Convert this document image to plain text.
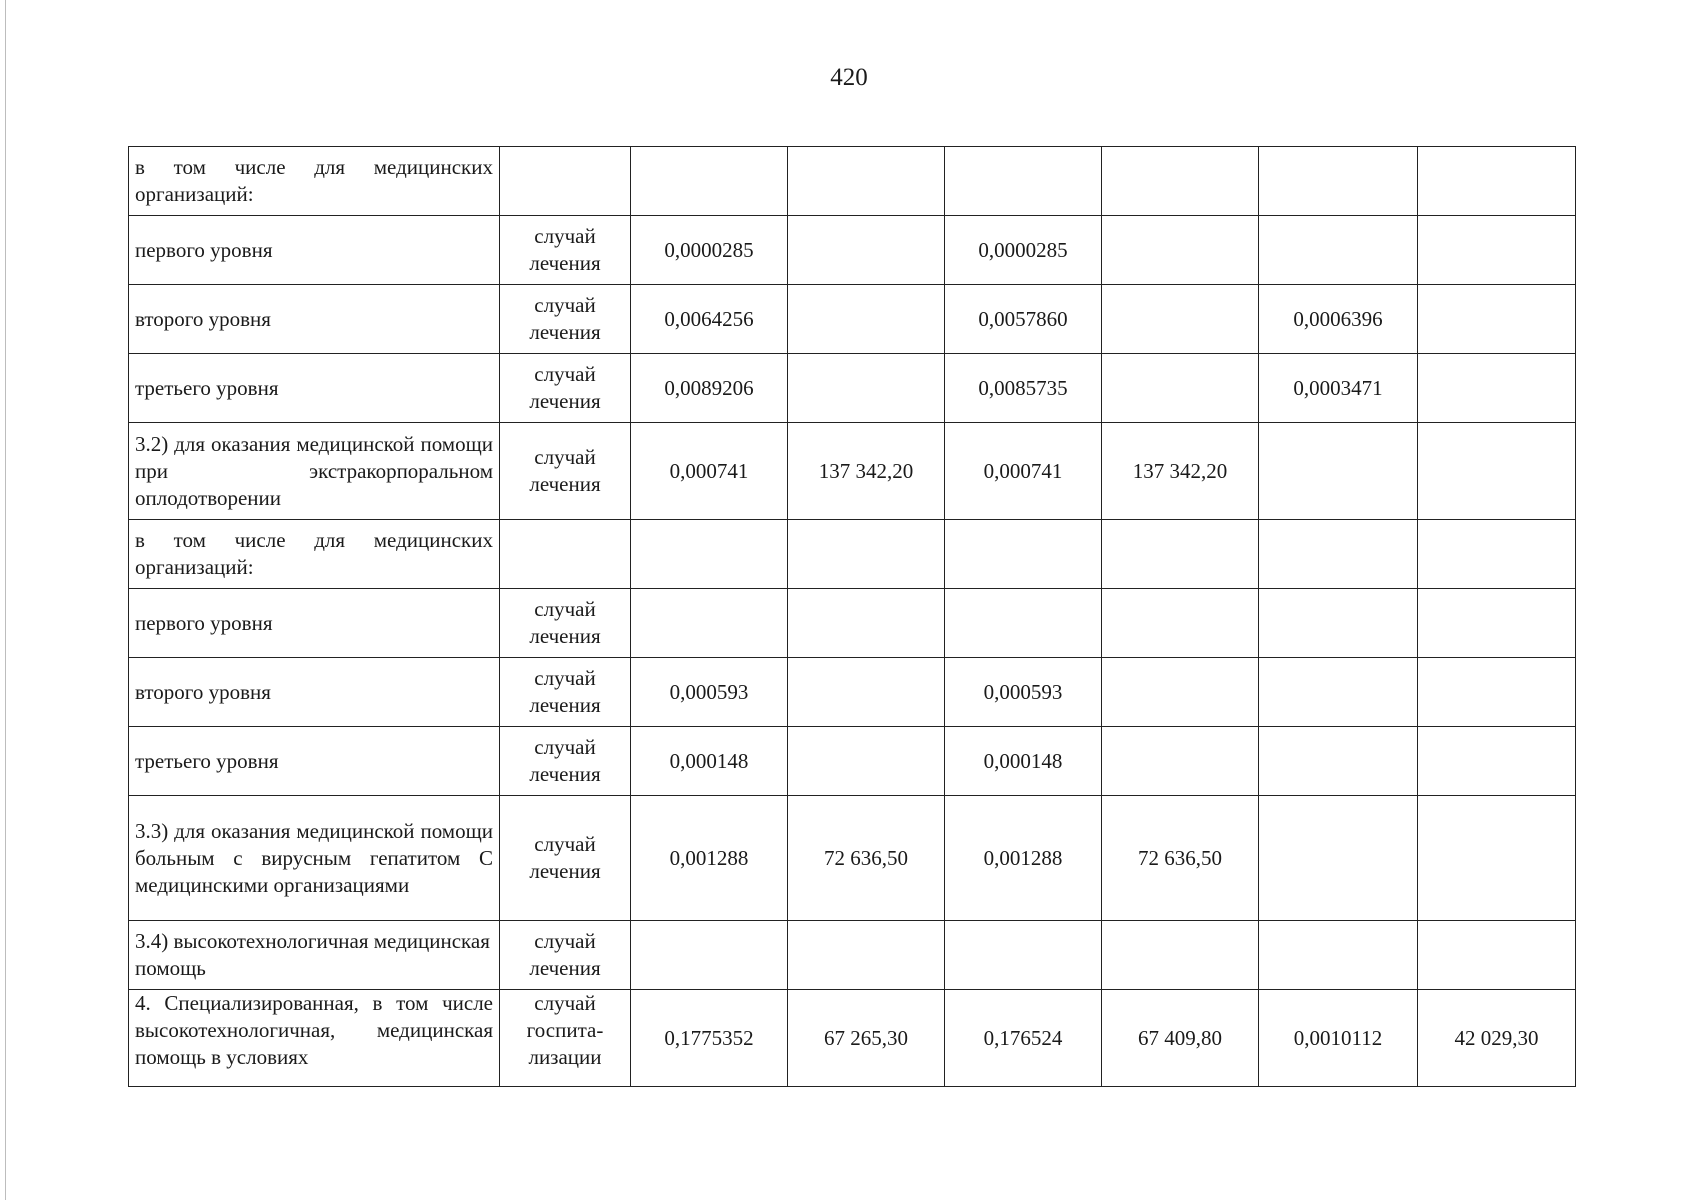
420
в том числе для медицинских организаций:							
первого уровня	случай лечения	0,0000285		0,0000285			
второго уровня	случай лечения	0,0064256		0,0057860		0,0006396	
третьего уровня	случай лечения	0,0089206		0,0085735		0,0003471	
3.2) для оказания медицинской помощи при экстракорпоральном оплодотворении	случай лечения	0,000741	137 342,20	0,000741	137 342,20		
в том числе для медицинских организаций:							
первого уровня	случай лечения						
второго уровня	случай лечения	0,000593		0,000593			
третьего уровня	случай лечения	0,000148		0,000148			
3.3) для оказания медицинской помощи больным с вирусным гепатитом С медицинскими организациями	случай лечения	0,001288	72 636,50	0,001288	72 636,50		
3.4) высокотехнологичная медицинская помощь	случай лечения						
4. Специализированная, в том числе высокотехнологичная, медицинская помощь в условиях	случай госпита-лизации	0,1775352	67 265,30	0,176524	67 409,80	0,0010112	42 029,30
